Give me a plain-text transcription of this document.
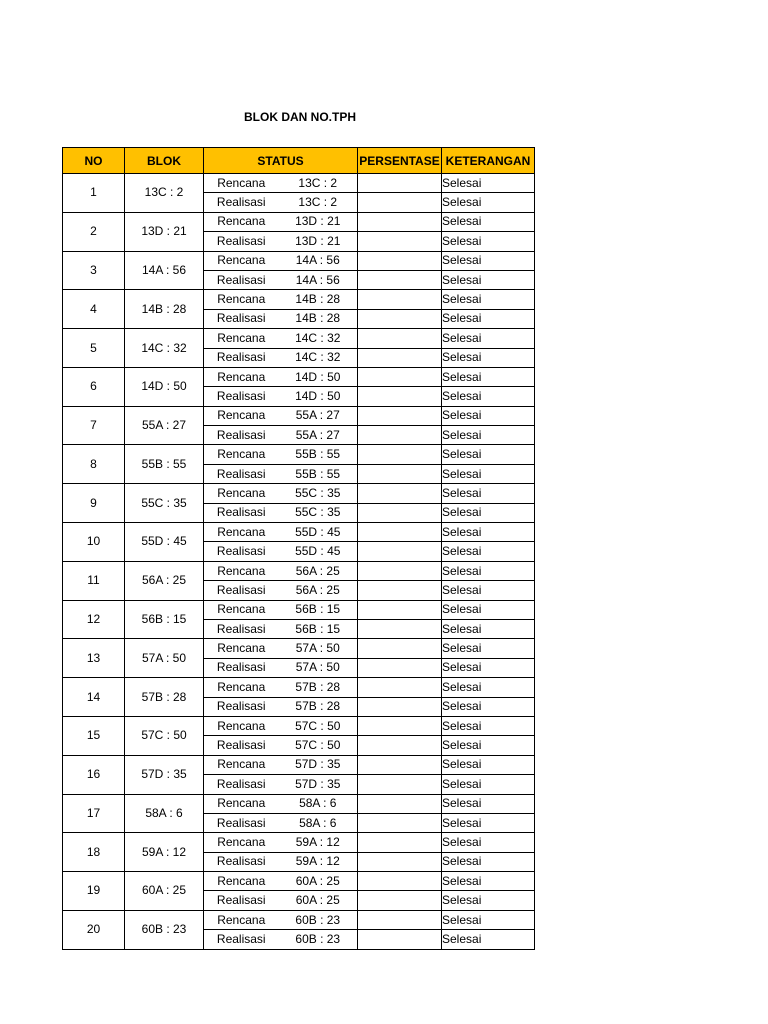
BLOK DAN NO.TPH
NO	BLOK	STATUS		PERSENTASE	KETERANGAN
1	13C : 2	Rencana	13C : 2		Selesai
		Realisasi	13C : 2		Selesai
2	13D : 21	Rencana	13D : 21		Selesai
		Realisasi	13D : 21		Selesai
3	14A : 56	Rencana	14A : 56		Selesai
		Realisasi	14A : 56		Selesai
4	14B : 28	Rencana	14B : 28		Selesai
		Realisasi	14B : 28		Selesai
5	14C : 32	Rencana	14C : 32		Selesai
		Realisasi	14C : 32		Selesai
6	14D : 50	Rencana	14D : 50		Selesai
		Realisasi	14D : 50		Selesai
7	55A : 27	Rencana	55A : 27		Selesai
		Realisasi	55A : 27		Selesai
8	55B : 55	Rencana	55B : 55		Selesai
		Realisasi	55B : 55		Selesai
9	55C : 35	Rencana	55C : 35		Selesai
		Realisasi	55C : 35		Selesai
10	55D : 45	Rencana	55D : 45		Selesai
		Realisasi	55D : 45		Selesai
11	56A : 25	Rencana	56A : 25		Selesai
		Realisasi	56A : 25		Selesai
12	56B : 15	Rencana	56B : 15		Selesai
		Realisasi	56B : 15		Selesai
13	57A : 50	Rencana	57A : 50		Selesai
		Realisasi	57A : 50		Selesai
14	57B : 28	Rencana	57B : 28		Selesai
		Realisasi	57B : 28		Selesai
15	57C : 50	Rencana	57C : 50		Selesai
		Realisasi	57C : 50		Selesai
16	57D : 35	Rencana	57D : 35		Selesai
		Realisasi	57D : 35		Selesai
17	58A : 6	Rencana	58A : 6		Selesai
		Realisasi	58A : 6		Selesai
18	59A : 12	Rencana	59A : 12		Selesai
		Realisasi	59A : 12		Selesai
19	60A : 25	Rencana	60A : 25		Selesai
		Realisasi	60A : 25		Selesai
20	60B : 23	Rencana	60B : 23		Selesai
		Realisasi	60B : 23		Selesai
